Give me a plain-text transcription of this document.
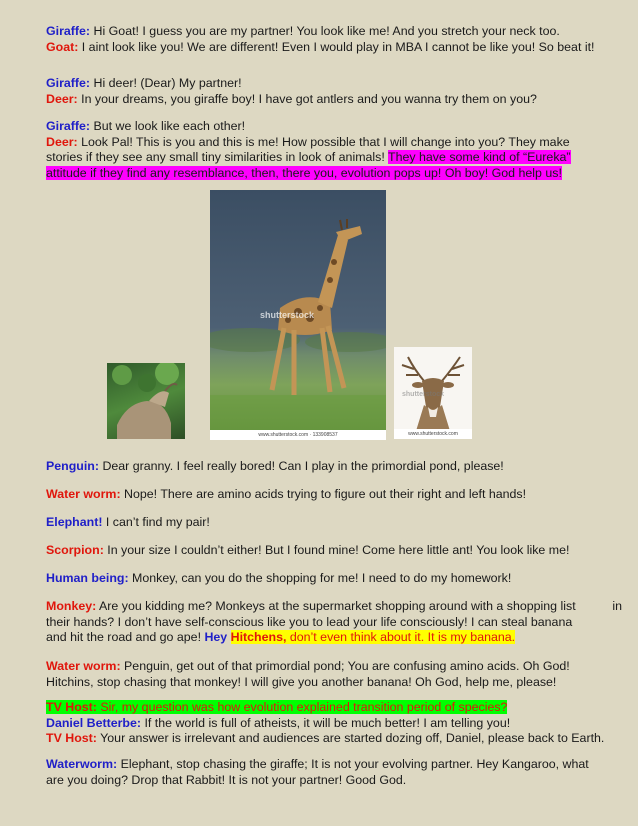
Giraffe: Hi Goat! I guess you are my partner! You look like me! And you stretch your neck too.
Goat: I aint look like you! We are different! Even I would play in MBA I cannot be like you! So beat it!
Giraffe: Hi deer! (Dear) My partner!
Deer: In your dreams, you giraffe boy! I have got antlers and you wanna try them on you?
Giraffe: But we look like each other!
Deer: Look Pal! This is you and this is me! How possible that I will change into you? They make
stories if they see any small tiny similarities in look of animals! They have some kind of “Eureka”
attitude if they find any resemblance, then, there you, evolution pops up! Oh boy! God help us!
shutterstock
www.shutterstock.com · 133908537
shutterstock
www.shutterstock.com
Penguin: Dear granny. I feel really bored! Can I play in the primordial pond, please!
Water worm: Nope! There are amino acids trying to figure out their right and left hands!
Elephant! I can’t find my pair!
Scorpion: In your size I couldn’t either! But I found mine! Come here little ant! You look like me!
Human being: Monkey, can you do the shopping for me! I need to do my homework!
Monkey: Are you kidding me? Monkeys at the supermarket shopping around with a shopping list	in
their hands? I don’t have self-conscious like you to lead your life consciously! I can steal banana
and hit the road and go ape! Hey Hitchens, don’t even think about it. It is my banana.
Water worm: Penguin, get out of that primordial pond; You are confusing amino acids. Oh God!
Hitchins, stop chasing that monkey! I will give you another banana! Oh God, help me, please!
TV Host: Sir, my question was how evolution explained transition period of species?
Daniel Betterbe: If the world is full of atheists, it will be much better! I am telling you!
TV Host: Your answer is irrelevant and audiences are started dozing off, Daniel, please back to Earth.
Waterworm: Elephant, stop chasing the giraffe; It is not your evolving partner. Hey Kangaroo, what
are you doing? Drop that Rabbit! It is not your partner! Good God.
